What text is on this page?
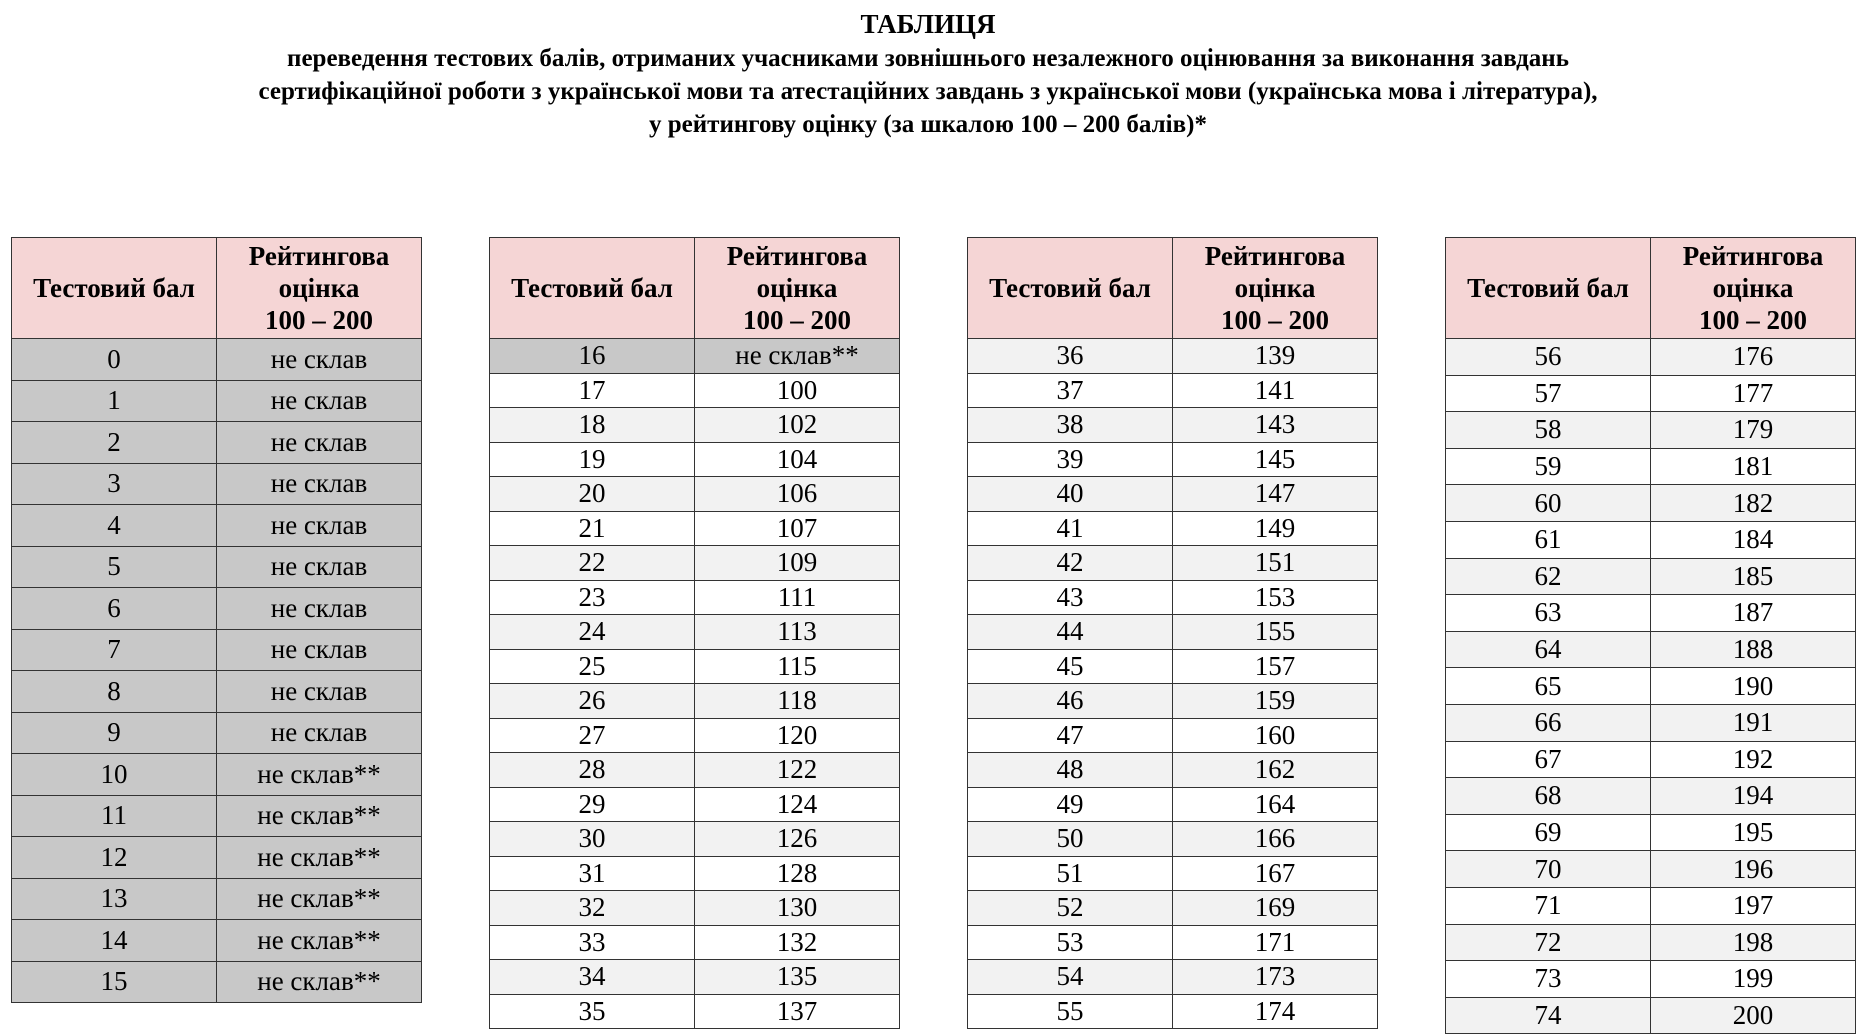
ТАБЛИЦЯ
переведення тестових балів, отриманих учасниками зовнішнього незалежного оцінювання за виконання завдань
сертифікаційної роботи з української мови та атестаційних завдань з української мови (українська мова і література),
у рейтингову оцінку (за шкалою 100 – 200 балів)*
Тестовий бал	Рейтингова
оцінка
100 – 200

0	не склав
1	не склав
2	не склав
3	не склав
4	не склав
5	не склав
6	не склав
7	не склав
8	не склав
9	не склав
10	не склав**
11	не склав**
12	не склав**
13	не склав**
14	не склав**
15	не склав**
Тестовий бал	Рейтингова
оцінка
100 – 200

16	не склав**
17	100
18	102
19	104
20	106
21	107
22	109
23	111
24	113
25	115
26	118
27	120
28	122
29	124
30	126
31	128
32	130
33	132
34	135
35	137
Тестовий бал	Рейтингова
оцінка
100 – 200

36	139
37	141
38	143
39	145
40	147
41	149
42	151
43	153
44	155
45	157
46	159
47	160
48	162
49	164
50	166
51	167
52	169
53	171
54	173
55	174
Тестовий бал	Рейтингова
оцінка
100 – 200

56	176
57	177
58	179
59	181
60	182
61	184
62	185
63	187
64	188
65	190
66	191
67	192
68	194
69	195
70	196
71	197
72	198
73	199
74	200
